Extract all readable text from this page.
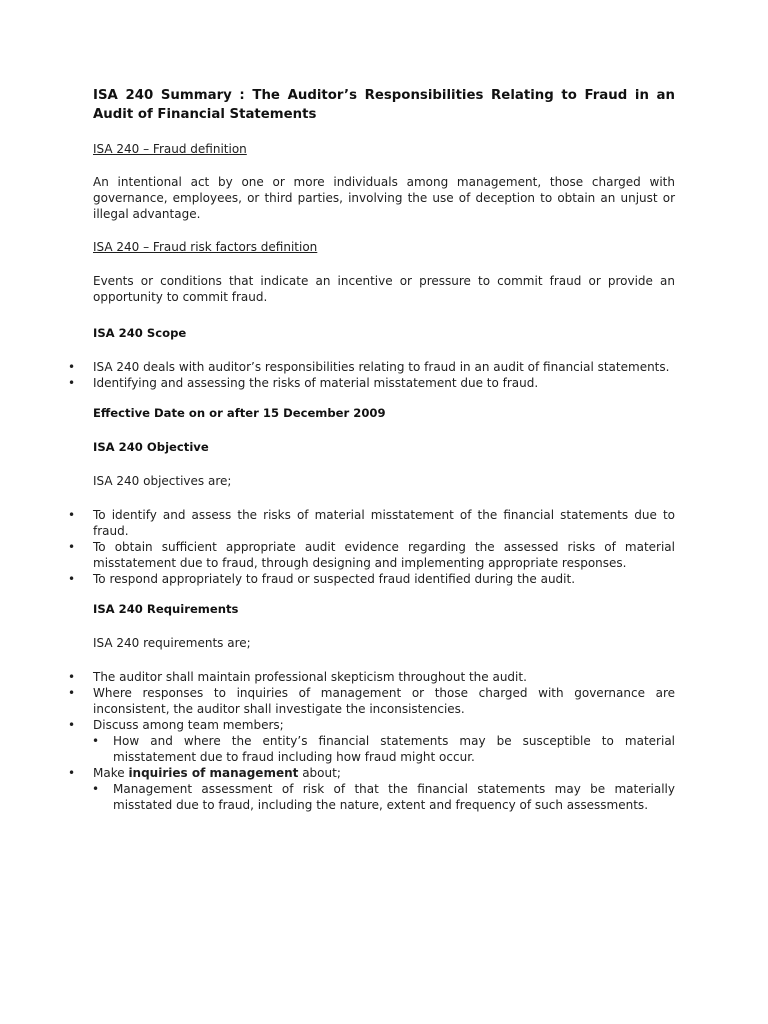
ISA 240 Summary : The Auditor’s Responsibilities Relating to Fraud in an Audit of Financial Statements

ISA 240 – Fraud definition

An intentional act by one or more individuals among management, those charged with governance, employees, or third parties, involving the use of deception to obtain an unjust or illegal advantage.

ISA 240 – Fraud risk factors definition

Events or conditions that indicate an incentive or pressure to commit fraud or provide an opportunity to commit fraud.

ISA 240 Scope

• ISA 240 deals with auditor’s responsibilities relating to fraud in an audit of financial statements.
• Identifying and assessing the risks of material misstatement due to fraud.

Effective Date on or after 15 December 2009

ISA 240 Objective

ISA 240 objectives are;

• To identify and assess the risks of material misstatement of the financial statements due to fraud.
• To obtain sufficient appropriate audit evidence regarding the assessed risks of material misstatement due to fraud, through designing and implementing appropriate responses.
• To respond appropriately to fraud or suspected fraud identified during the audit.

ISA 240 Requirements

ISA 240 requirements are;

• The auditor shall maintain professional skepticism throughout the audit.
• Where responses to inquiries of management or those charged with governance are inconsistent, the auditor shall investigate the inconsistencies.
• Discuss among team members;
• How and where the entity’s financial statements may be susceptible to material misstatement due to fraud including how fraud might occur.
• Make inquiries of management about;
• Management assessment of risk of that the financial statements may be materially misstated due to fraud, including the nature, extent and frequency of such assessments.
